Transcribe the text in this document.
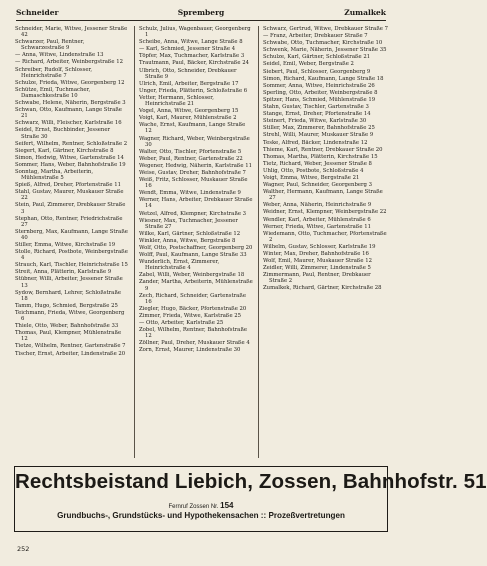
Schneider	Spremberg	Zumalkek
Schneider, Marie, Witwe, Jessener Straße 42
Schwarzer, Paul, Rentner, Schwarzestraße 9
— Anna, Witwe, Lindenstraße 13
— Richard, Arbeiter, Weinbergstraße 12
Schreiber, Rudolf, Schlosser, Heinrichstraße 7
Schulze, Frieda, Witwe, Georgenberg 12
Schütze, Emil, Tuchmacher, Damaschkestraße 10
Schwabe, Helene, Näherin, Bergstraße 3
Schwan, Otto, Kaufmann, Lange Straße 21
Schwarz, Willi, Fleischer, Karlstraße 16
Seidel, Ernst, Buchbinder, Jessener Straße 30
Seifert, Wilhelm, Rentner, Schloßstraße 2
Siegert, Karl, Gärtner, Kirchstraße 8
Simon, Hedwig, Witwe, Gartenstraße 14
Sommer, Hans, Weber, Bahnhofstraße 19
Sonntag, Martha, Arbeiterin, Mühlenstraße 5
Spieß, Alfred, Dreher, Pfortenstraße 11
Stahl, Gustav, Maurer, Muskauer Straße 22
Stein, Paul, Zimmerer, Drebkauer Straße 3
Stephan, Otto, Rentner, Friedrichstraße 27
Sternberg, Max, Kaufmann, Lange Straße 40
Stiller, Emma, Witwe, Kirchstraße 19
Stolle, Richard, Postbote, Weinbergstraße 4
Strauch, Karl, Tischler, Heinrichstraße 15
Streit, Anna, Plätterin, Karlstraße 9
Stübner, Willi, Arbeiter, Jessener Straße 13
Sydow, Bernhard, Lehrer, Schloßstraße 18
Tamm, Hugo, Schmied, Bergstraße 25
Teichmann, Frieda, Witwe, Georgenberg 6
Thiele, Otto, Weber, Bahnhofstraße 33
Thomas, Paul, Klempner, Mühlenstraße 12
Tietze, Wilhelm, Rentner, Gartenstraße 7
Tischer, Ernst, Arbeiter, Lindenstraße 20
Schulz, Julius, Wagenbauer, Georgenberg 1
Scheibe, Anna, Witwe, Lange Straße 8
— Karl, Schmied, Jessener Straße 4
Töpfer, Max, Tuchmacher, Karlstraße 3
Trautmann, Paul, Bäcker, Kirchstraße 24
Ulbrich, Otto, Schneider, Drebkauer Straße 9
Ulrich, Emil, Arbeiter, Bergstraße 17
Unger, Frieda, Plätterin, Schloßstraße 6
Vetter, Hermann, Schlosser, Heinrichstraße 21
Vogel, Anna, Witwe, Georgenberg 15
Voigt, Karl, Maurer, Mühlenstraße 2
Wache, Ernst, Kaufmann, Lange Straße 12
Wagner, Richard, Weber, Weinbergstraße 30
Walter, Otto, Tischler, Pfortenstraße 5
Weber, Paul, Rentner, Gartenstraße 22
Wegener, Hedwig, Näherin, Karlstraße 11
Weise, Gustav, Dreher, Bahnhofstraße 7
Weiß, Fritz, Schlosser, Muskauer Straße 16
Wendt, Emma, Witwe, Lindenstraße 9
Werner, Hans, Arbeiter, Drebkauer Straße 14
Wetzel, Alfred, Klempner, Kirchstraße 3
Wiesner, Max, Tuchmacher, Jessener Straße 27
Wilke, Karl, Gärtner, Schloßstraße 12
Winkler, Anna, Witwe, Bergstraße 8
Wolf, Otto, Postschaffner, Georgenberg 20
Wolff, Paul, Kaufmann, Lange Straße 33
Wunderlich, Ernst, Zimmerer, Heinrichstraße 4
Zabel, Willi, Weber, Weinbergstraße 18
Zander, Martha, Arbeiterin, Mühlenstraße 9
Zech, Richard, Schneider, Gartenstraße 16
Ziegler, Hugo, Bäcker, Pfortenstraße 20
Zimmer, Frieda, Witwe, Karlstraße 25
— Otto, Arbeiter, Karlstraße 25
Zobel, Wilhelm, Rentner, Bahnhofstraße 12
Zöllner, Paul, Dreher, Muskauer Straße 4
Zorn, Ernst, Maurer, Lindenstraße 30
Schwarz, Gertrud, Witwe, Drebkauer Straße 7
— Franz, Arbeiter, Drebkauer Straße 7
Schwabe, Otto, Tuchmacher, Kirchstraße 10
Schwenk, Marie, Näherin, Jessener Straße 35
Schulze, Karl, Gärtner, Schloßstraße 21
Seidel, Emil, Weber, Bergstraße 2
Siebert, Paul, Schlosser, Georgenberg 9
Simon, Richard, Kaufmann, Lange Straße 18
Sommer, Anna, Witwe, Heinrichstraße 26
Sperling, Otto, Arbeiter, Weinbergstraße 8
Spitzer, Hans, Schmied, Mühlenstraße 19
Stahn, Gustav, Tischler, Gartenstraße 3
Stange, Ernst, Dreher, Pfortenstraße 14
Steinert, Frieda, Witwe, Karlstraße 30
Stiller, Max, Zimmerer, Bahnhofstraße 25
Strehl, Willi, Maurer, Muskauer Straße 9
Teske, Alfred, Bäcker, Lindenstraße 12
Thieme, Karl, Rentner, Drebkauer Straße 20
Thomas, Martha, Plätterin, Kirchstraße 15
Tietz, Richard, Weber, Jessener Straße 8
Uhlig, Otto, Postbote, Schloßstraße 4
Voigt, Emma, Witwe, Bergstraße 21
Wagner, Paul, Schneider, Georgenberg 3
Walther, Hermann, Kaufmann, Lange Straße 27
Weber, Anna, Näherin, Heinrichstraße 9
Weidner, Ernst, Klempner, Weinbergstraße 22
Wendler, Karl, Arbeiter, Mühlenstraße 6
Werner, Frieda, Witwe, Gartenstraße 11
Wiedemann, Otto, Tuchmacher, Pfortenstraße 2
Wilhelm, Gustav, Schlosser, Karlstraße 19
Winter, Max, Dreher, Bahnhofstraße 16
Wolf, Emil, Maurer, Muskauer Straße 12
Zeidler, Willi, Zimmerer, Lindenstraße 5
Zimmermann, Paul, Rentner, Drebkauer Straße 2
Zumalkek, Richard, Gärtner, Kirchstraße 28
Rechtsbeistand Liebich, Zossen, Bahnhofstr. 51
Fernruf Zossen Nr. 154
Grundbuchs-, Grundstücks- und Hypothekensachen :: Prozeßvertretungen
252
